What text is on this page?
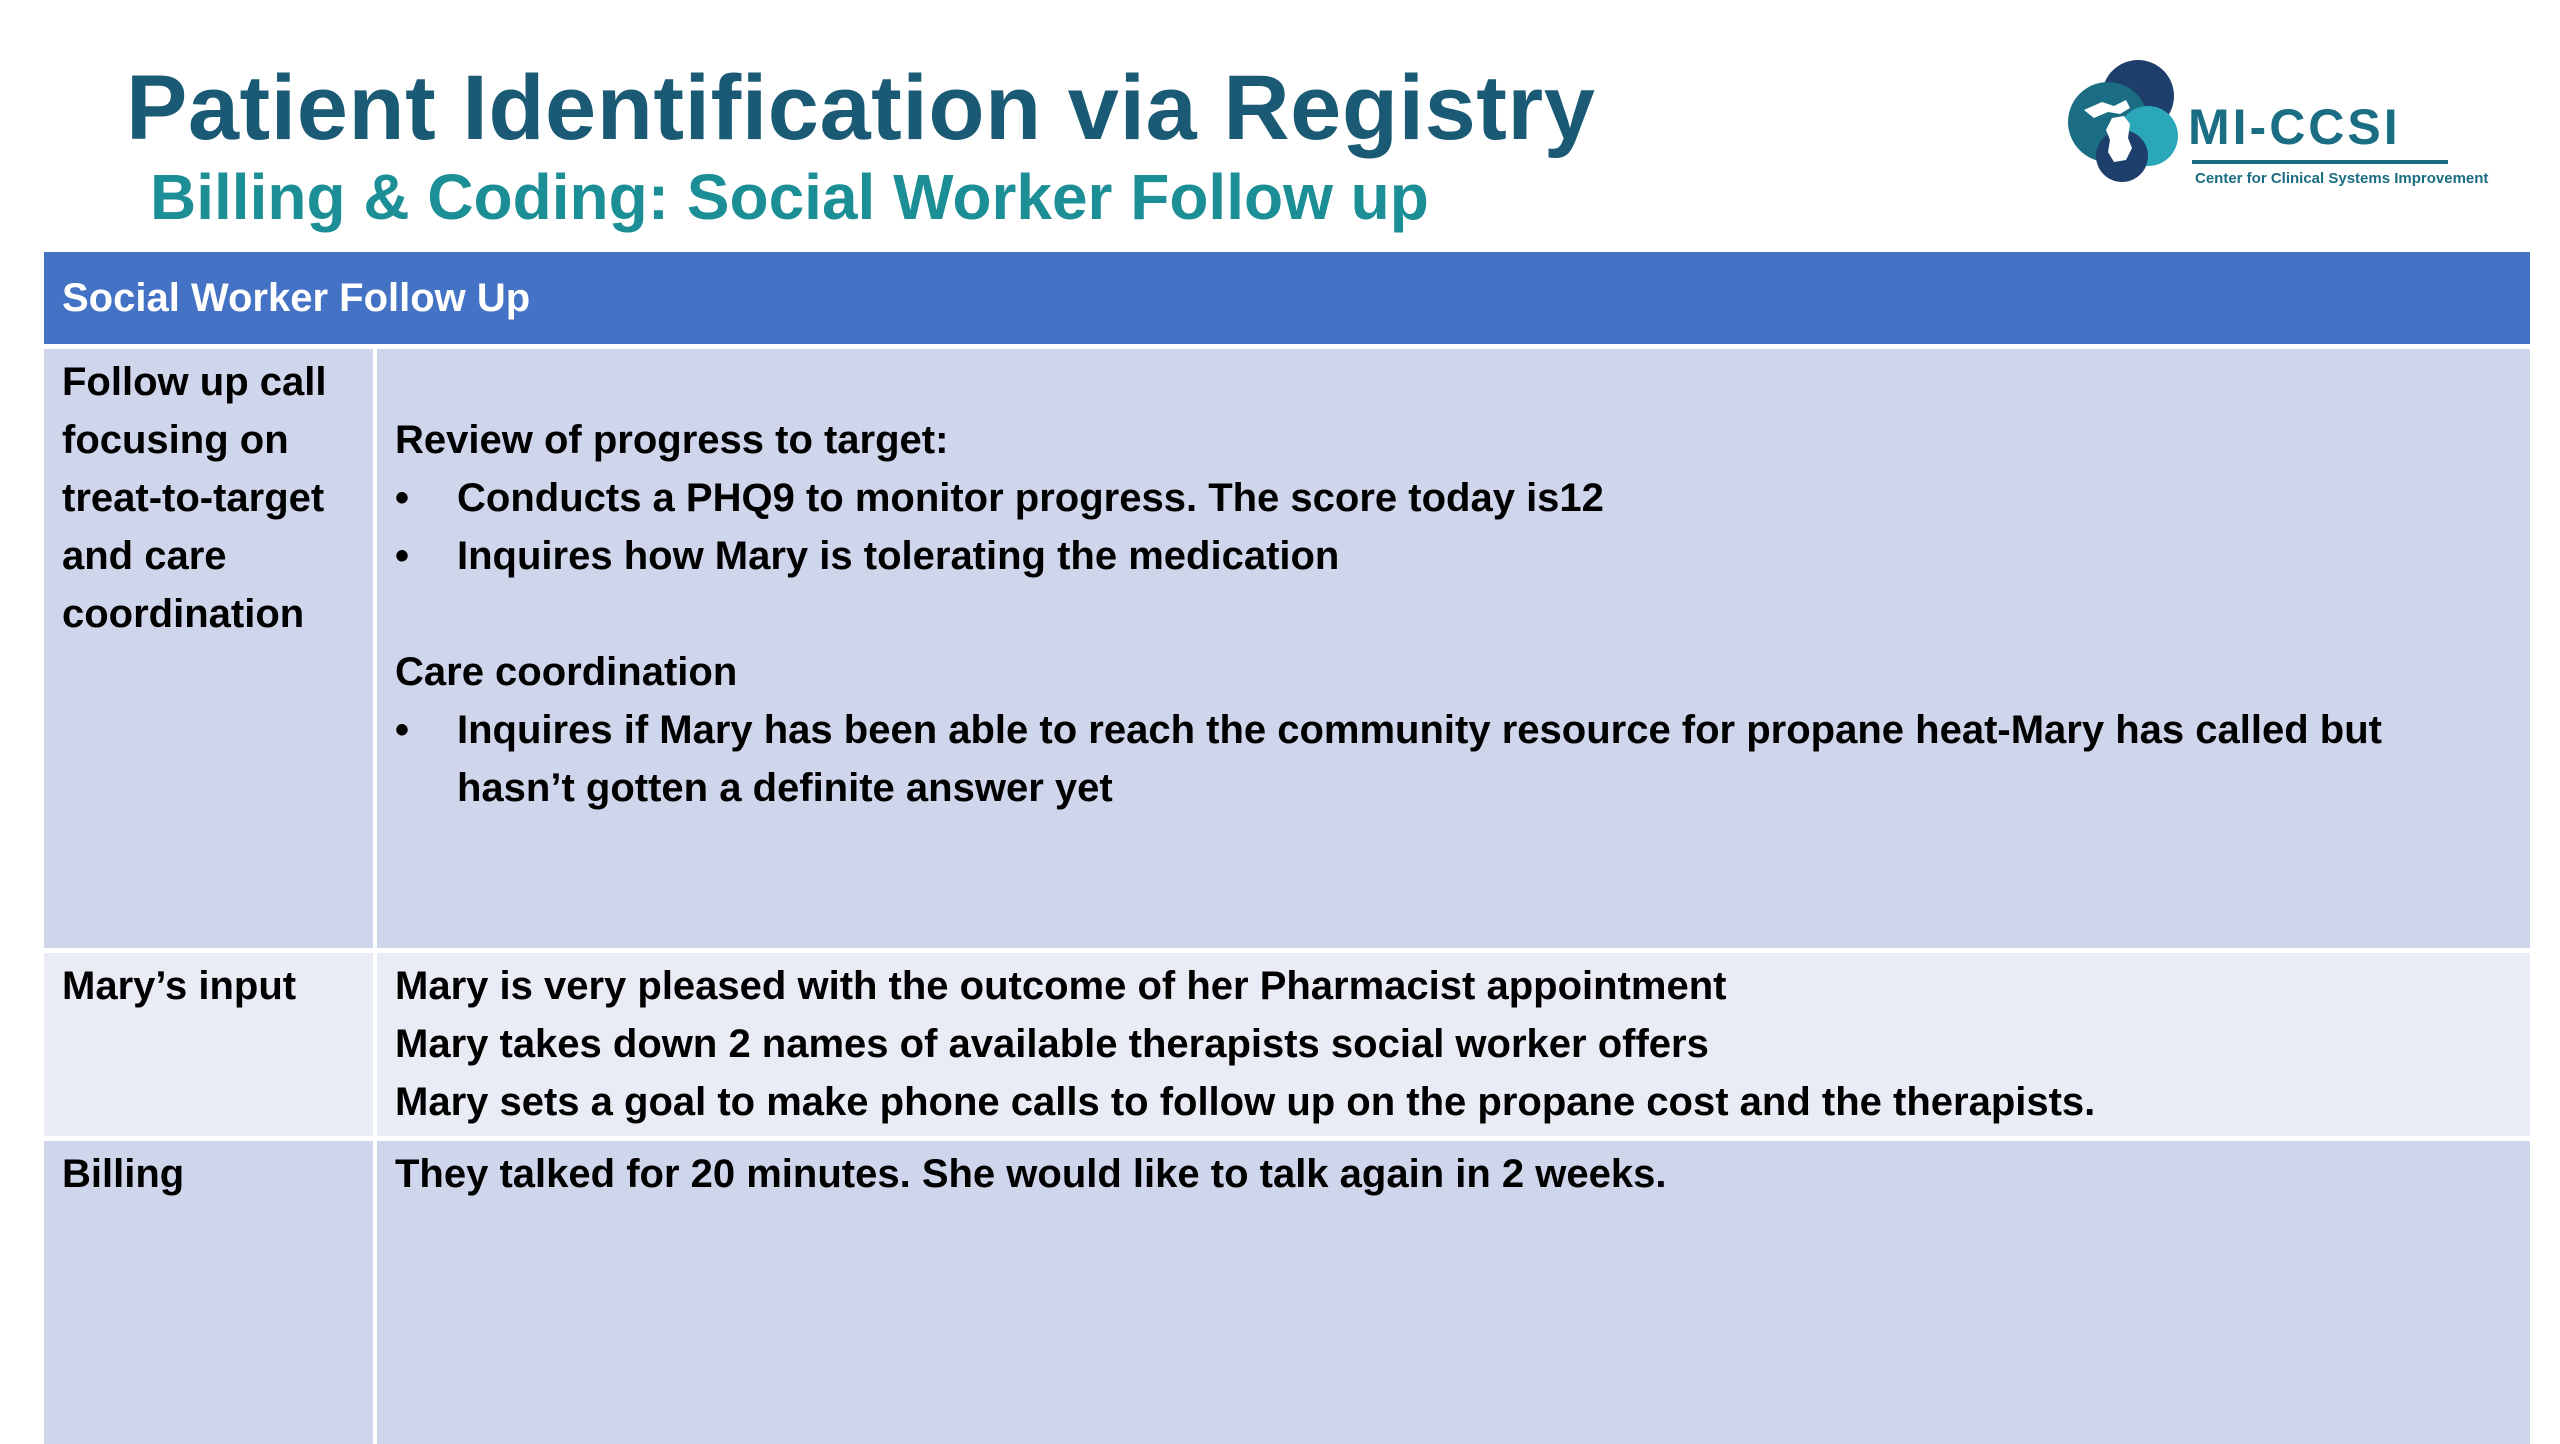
Patient Identification via Registry
Billing & Coding: Social Worker Follow up
MI-CCSI
Center for Clinical Systems Improvement
Social Worker Follow Up
Follow up call focusing on treat-to-target and care coordination
Review of progress to target:
• Conducts a PHQ9 to monitor progress. The score today is12
• Inquires how Mary is tolerating the medication
Care coordination
• Inquires if Mary has been able to reach the community resource for propane heat-Mary has called but hasn’t gotten a definite answer yet
Mary’s input	Mary is very pleased with the outcome of her Pharmacist appointment
Mary takes down 2 names of available therapists social worker offers
Mary sets a goal to make phone calls to follow up on the propane cost and the therapists.
Billing	They talked for 20 minutes. She would like to talk again in 2 weeks.
